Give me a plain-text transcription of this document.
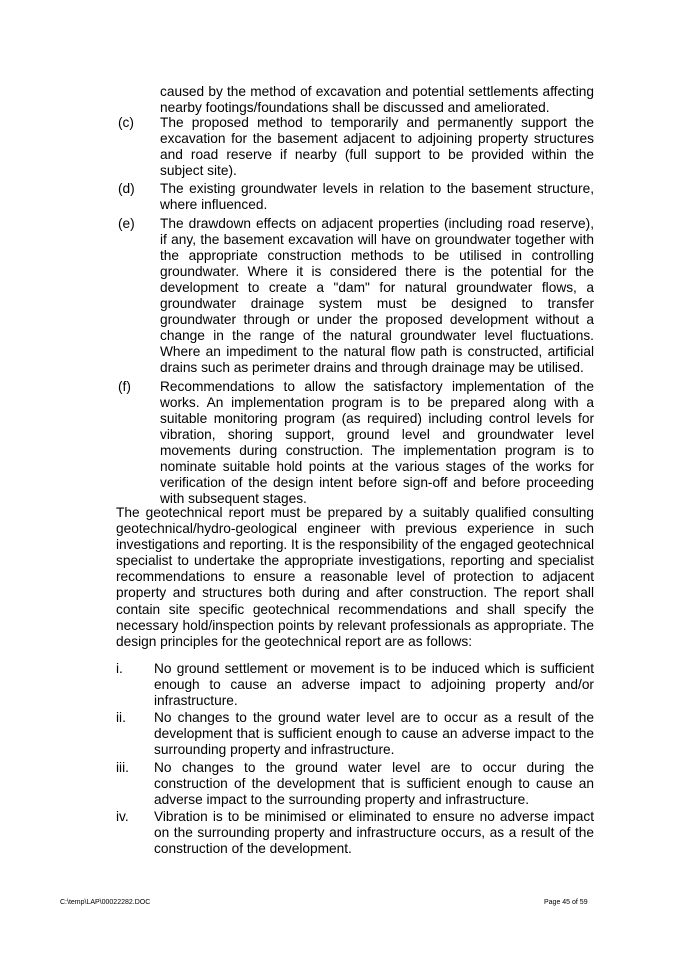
caused by the method of excavation and potential settlements affecting nearby footings/foundations shall be discussed and ameliorated.

(c) The proposed method to temporarily and permanently support the excavation for the basement adjacent to adjoining property structures and road reserve if nearby (full support to be provided within the subject site).
(d) The existing groundwater levels in relation to the basement structure, where influenced.
(e) The drawdown effects on adjacent properties (including road reserve), if any, the basement excavation will have on groundwater together with the appropriate construction methods to be utilised in controlling groundwater. Where it is considered there is the potential for the development to create a "dam" for natural groundwater flows, a groundwater drainage system must be designed to transfer groundwater through or under the proposed development without a change in the range of the natural groundwater level fluctuations. Where an impediment to the natural flow path is constructed, artificial drains such as perimeter drains and through drainage may be utilised.
(f) Recommendations to allow the satisfactory implementation of the works. An implementation program is to be prepared along with a suitable monitoring program (as required) including control levels for vibration, shoring support, ground level and groundwater level movements during construction. The implementation program is to nominate suitable hold points at the various stages of the works for verification of the design intent before sign-off and before proceeding with subsequent stages.

The geotechnical report must be prepared by a suitably qualified consulting geotechnical/hydro-geological engineer with previous experience in such investigations and reporting. It is the responsibility of the engaged geotechnical specialist to undertake the appropriate investigations, reporting and specialist recommendations to ensure a reasonable level of protection to adjacent property and structures both during and after construction. The report shall contain site specific geotechnical recommendations and shall specify the necessary hold/inspection points by relevant professionals as appropriate. The design principles for the geotechnical report are as follows:

i. No ground settlement or movement is to be induced which is sufficient enough to cause an adverse impact to adjoining property and/or infrastructure.
ii. No changes to the ground water level are to occur as a result of the development that is sufficient enough to cause an adverse impact to the surrounding property and infrastructure.
iii. No changes to the ground water level are to occur during the construction of the development that is sufficient enough to cause an adverse impact to the surrounding property and infrastructure.
iv. Vibration is to be minimised or eliminated to ensure no adverse impact on the surrounding property and infrastructure occurs, as a result of the construction of the development.
C:\temp\LAP\00022282.DOC	Page 45 of 59
